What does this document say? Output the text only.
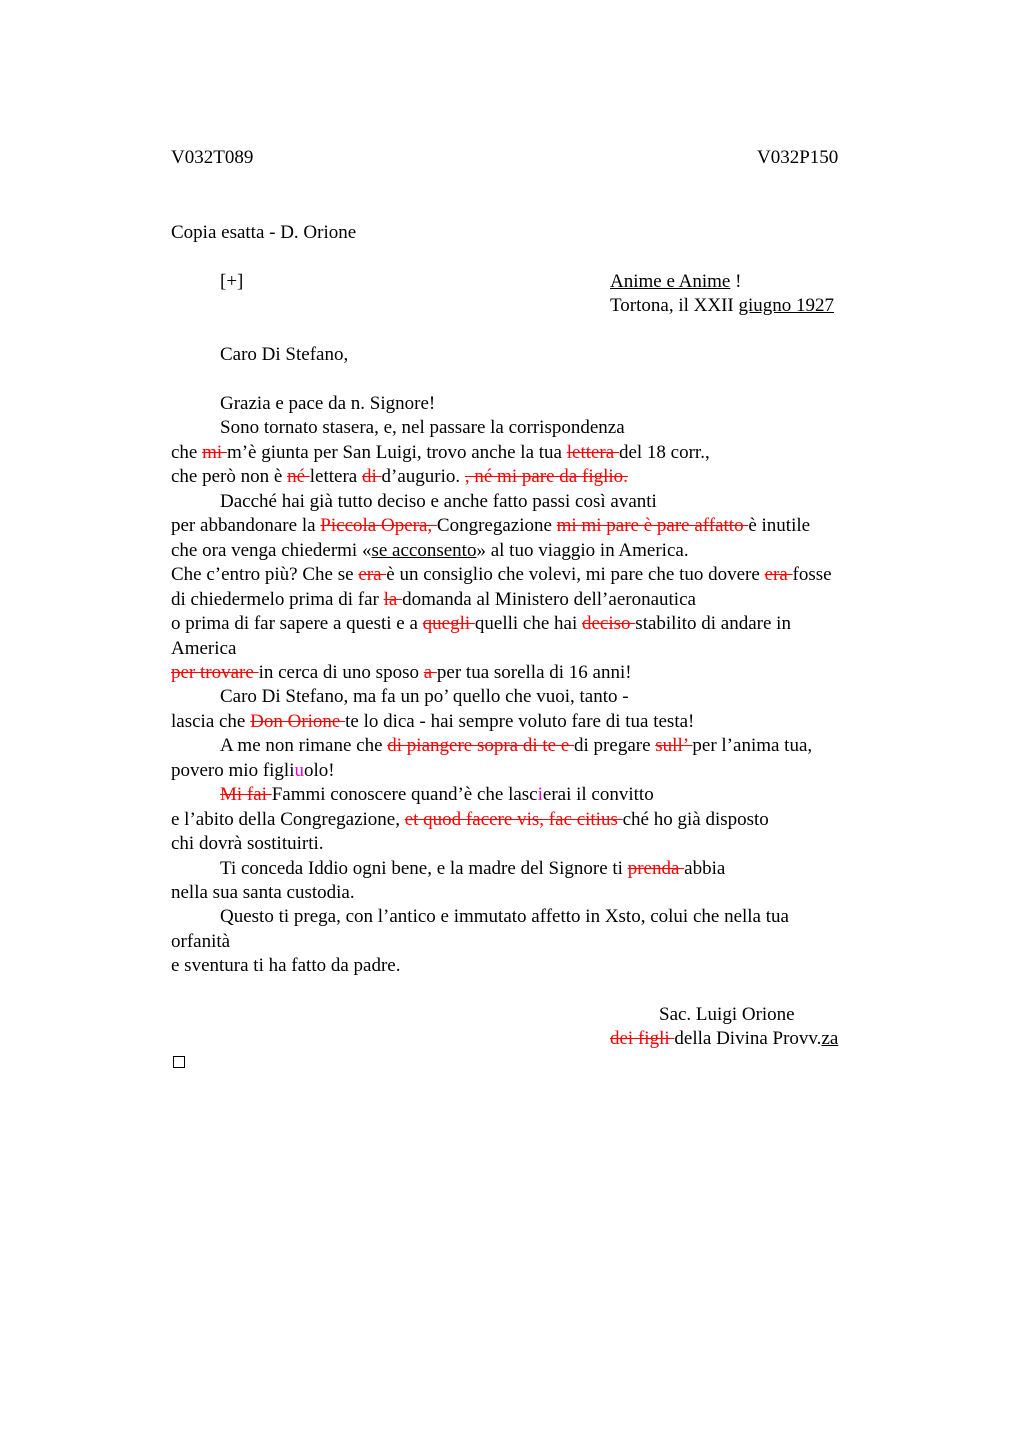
V032T089	V032P150
Copia esatta - D. Orione
[+]	Anime e Anime !
Tortona, il XXII giugno 1927
Caro Di Stefano,
Grazia e pace da n. Signore!
Sono tornato stasera, e, nel passare la corrispondenza
che mi m’è giunta per San Luigi, trovo anche la tua lettera del 18 corr.,
che però non è né lettera di d’augurio. , né mi pare da figlio.
Dacché hai già tutto deciso e anche fatto passi così avanti
per abbandonare la Piccola Opera, Congregazione mi mi pare è pare affatto è inutile
che ora venga chiedermi «se acconsento» al tuo viaggio in America.
Che c’entro più? Che se era è un consiglio che volevi, mi pare che tuo dovere era fosse
di chiedermelo prima di far la domanda al Ministero dell’aeronautica
o prima di far sapere a questi e a quegli quelli che hai deciso stabilito di andare in
America
per trovare in cerca di uno sposo a per tua sorella di 16 anni!
Caro Di Stefano, ma fa un po’ quello che vuoi, tanto -
lascia che Don Orione te lo dica - hai sempre voluto fare di tua testa!
A me non rimane che di piangere sopra di te e di pregare sull’ per l’anima tua,
povero mio figliuolo!
Mi fai Fammi conoscere quand’è che lascierai il convitto
e l’abito della Congregazione, et quod facere vis, fac citius ché ho già disposto
chi dovrà sostituirti.
Ti conceda Iddio ogni bene, e la madre del Signore ti prenda abbia
nella sua santa custodia.
Questo ti prega, con l’antico e immutato affetto in Xsto, colui che nella tua
orfanità
e sventura ti ha fatto da padre.
Sac. Luigi Orione
dei figli della Divina Provv.za
